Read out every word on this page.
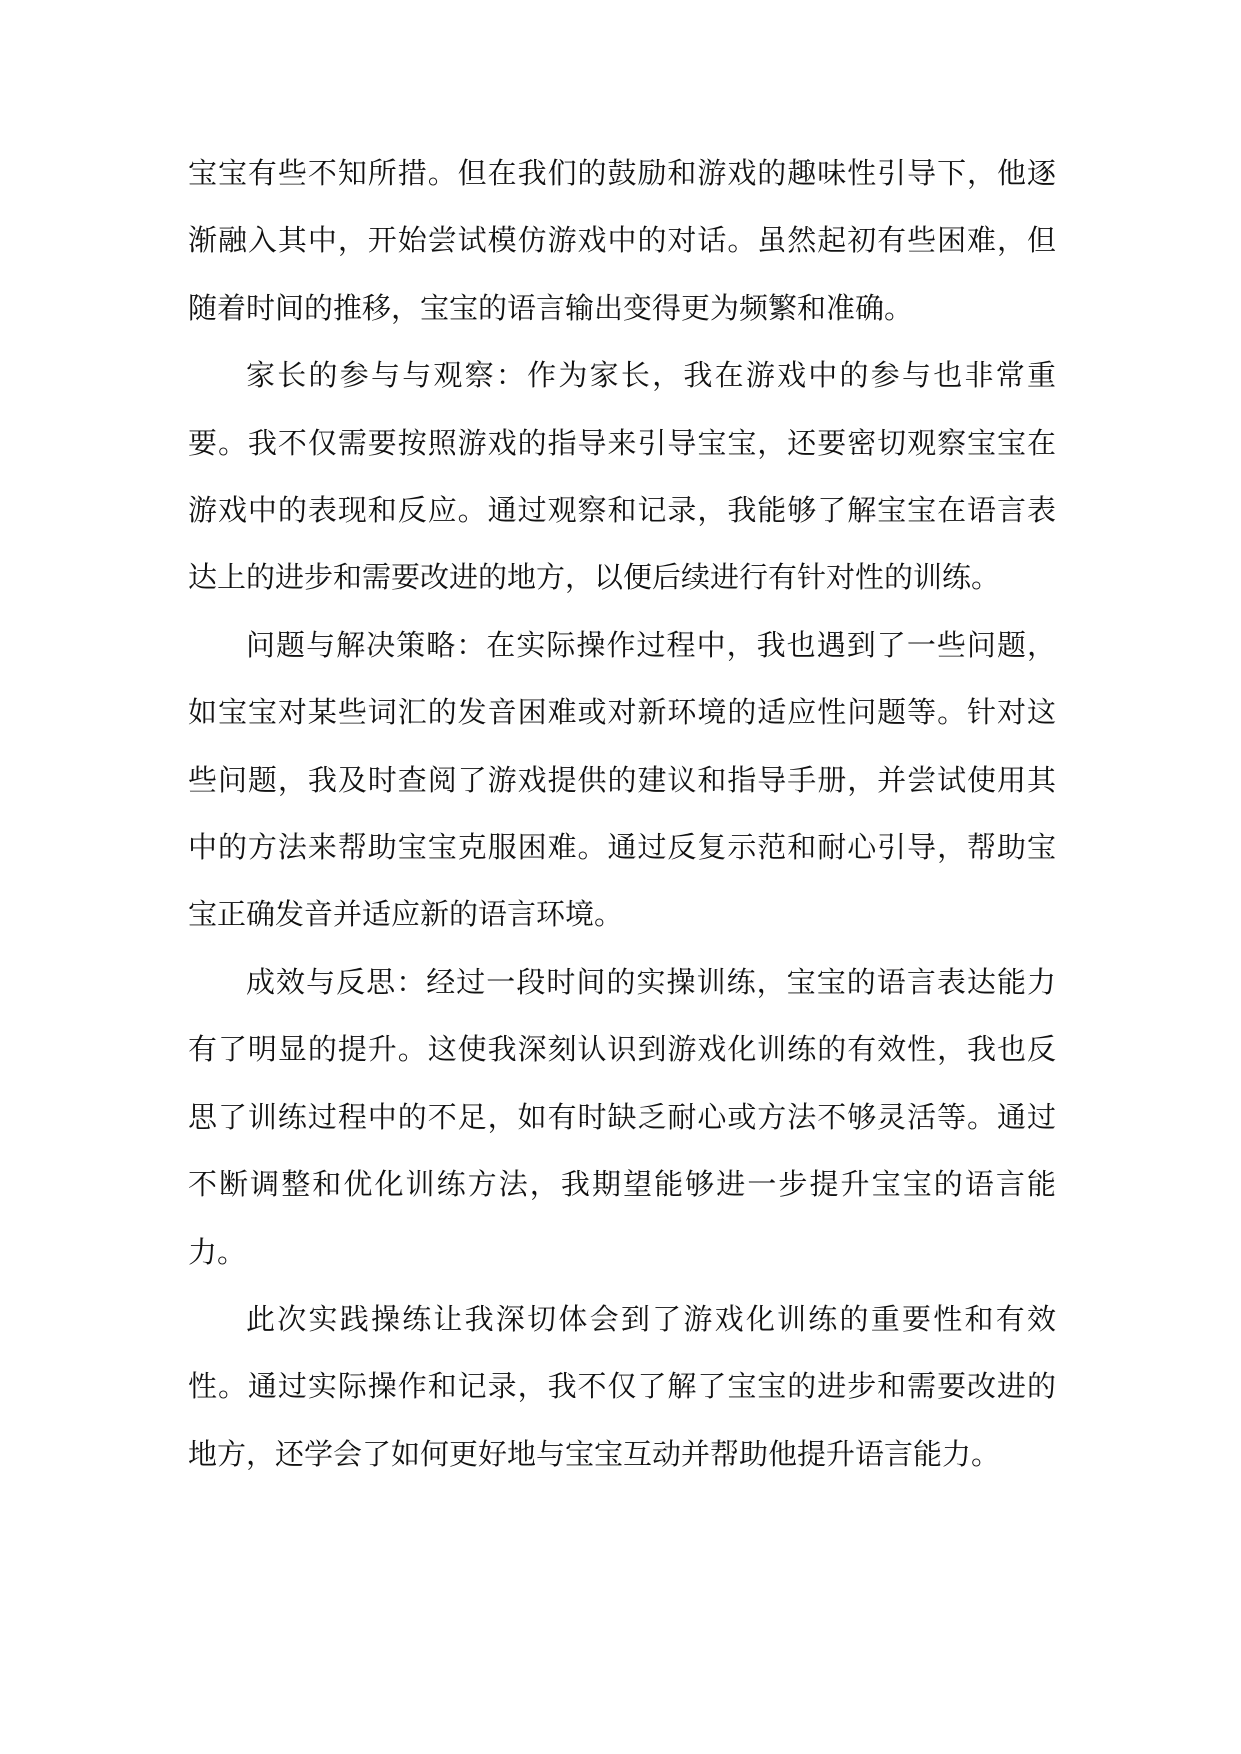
宝宝有些不知所措。但在我们的鼓励和游戏的趣味性引导下，他逐渐融入其中，开始尝试模仿游戏中的对话。虽然起初有些困难，但随着时间的推移，宝宝的语言输出变得更为频繁和准确。

家长的参与与观察：作为家长，我在游戏中的参与也非常重要。我不仅需要按照游戏的指导来引导宝宝，还要密切观察宝宝在游戏中的表现和反应。通过观察和记录，我能够了解宝宝在语言表达上的进步和需要改进的地方，以便后续进行有针对性的训练。

问题与解决策略：在实际操作过程中，我也遇到了一些问题，如宝宝对某些词汇的发音困难或对新环境的适应性问题等。针对这些问题，我及时查阅了游戏提供的建议和指导手册，并尝试使用其中的方法来帮助宝宝克服困难。通过反复示范和耐心引导，帮助宝宝正确发音并适应新的语言环境。

成效与反思：经过一段时间的实操训练，宝宝的语言表达能力有了明显的提升。这使我深刻认识到游戏化训练的有效性，我也反思了训练过程中的不足，如有时缺乏耐心或方法不够灵活等。通过不断调整和优化训练方法，我期望能够进一步提升宝宝的语言能力。

此次实践操练让我深切体会到了游戏化训练的重要性和有效性。通过实际操作和记录，我不仅了解了宝宝的进步和需要改进的地方，还学会了如何更好地与宝宝互动并帮助他提升语言能力。
